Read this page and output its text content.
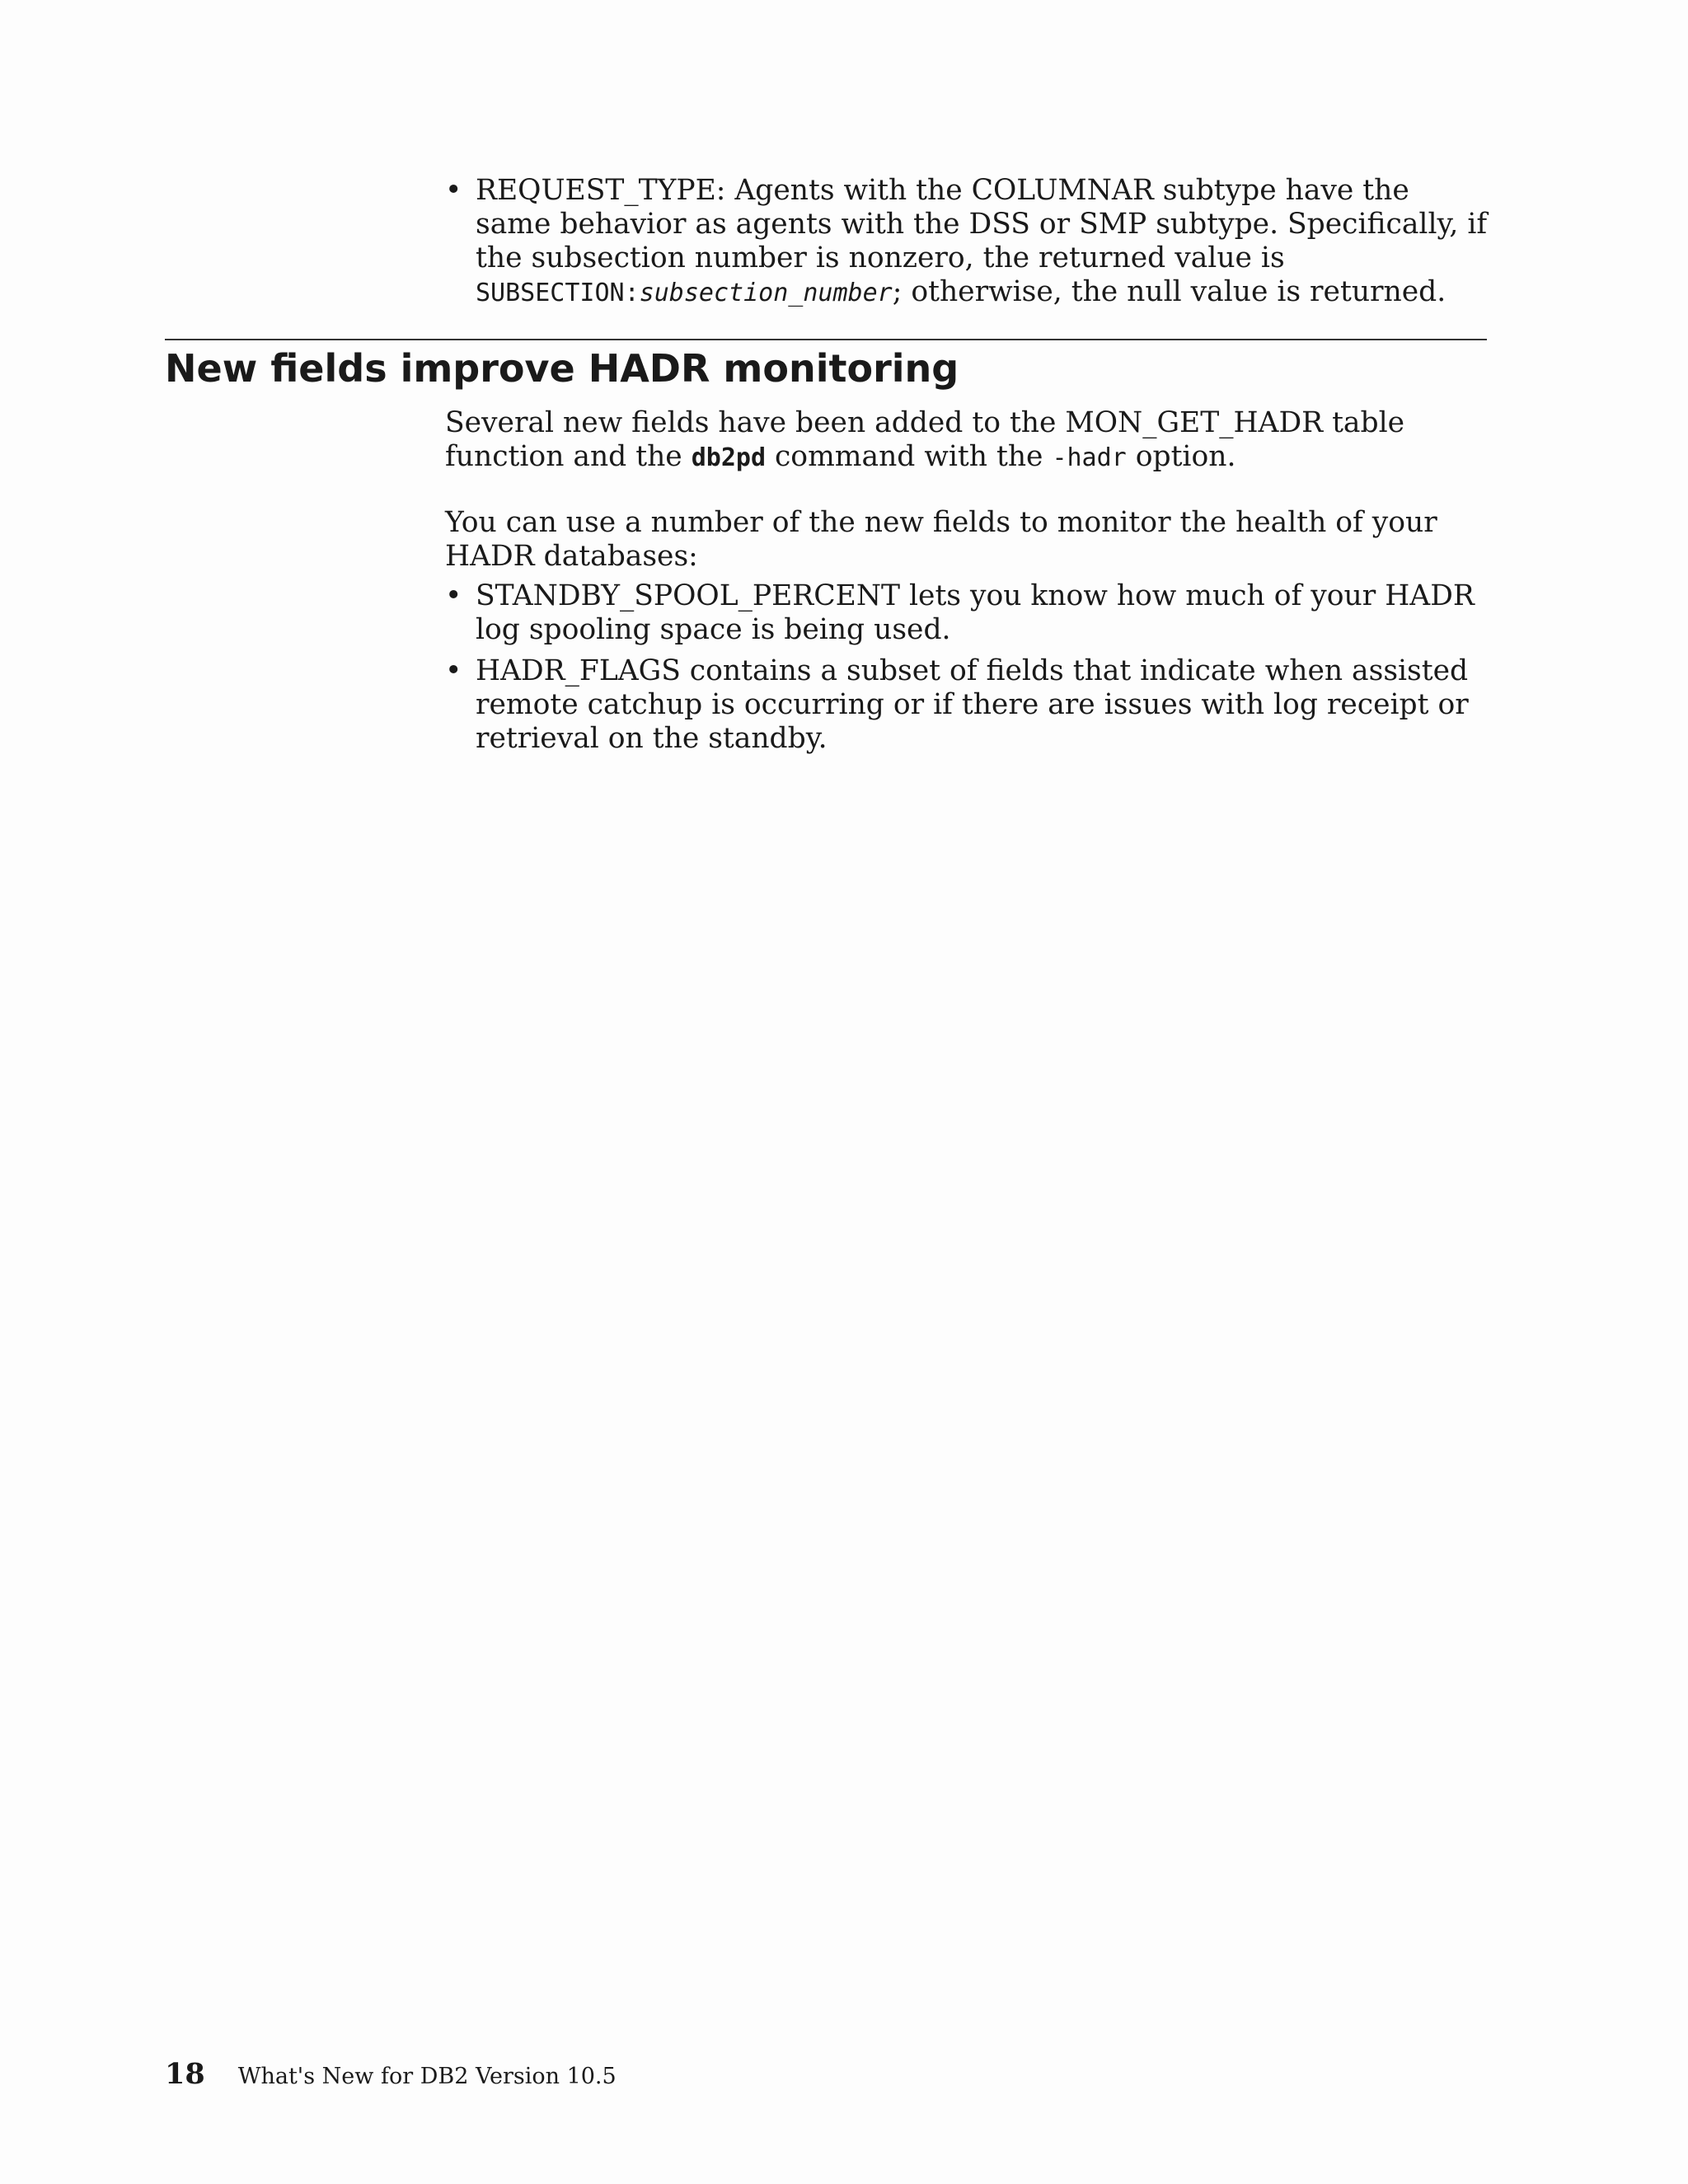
• REQUEST_TYPE: Agents with the COLUMNAR subtype have the same behavior as agents with the DSS or SMP subtype. Specifically, if the subsection number is nonzero, the returned value is SUBSECTION:subsection_number; otherwise, the null value is returned.
New fields improve HADR monitoring

Several new fields have been added to the MON_GET_HADR table function and the db2pd command with the -hadr option.

You can use a number of the new fields to monitor the health of your HADR databases:

• STANDBY_SPOOL_PERCENT lets you know how much of your HADR log spooling space is being used.
• HADR_FLAGS contains a subset of fields that indicate when assisted remote catchup is occurring or if there are issues with log receipt or retrieval on the standby.
18 What's New for DB2 Version 10.5
